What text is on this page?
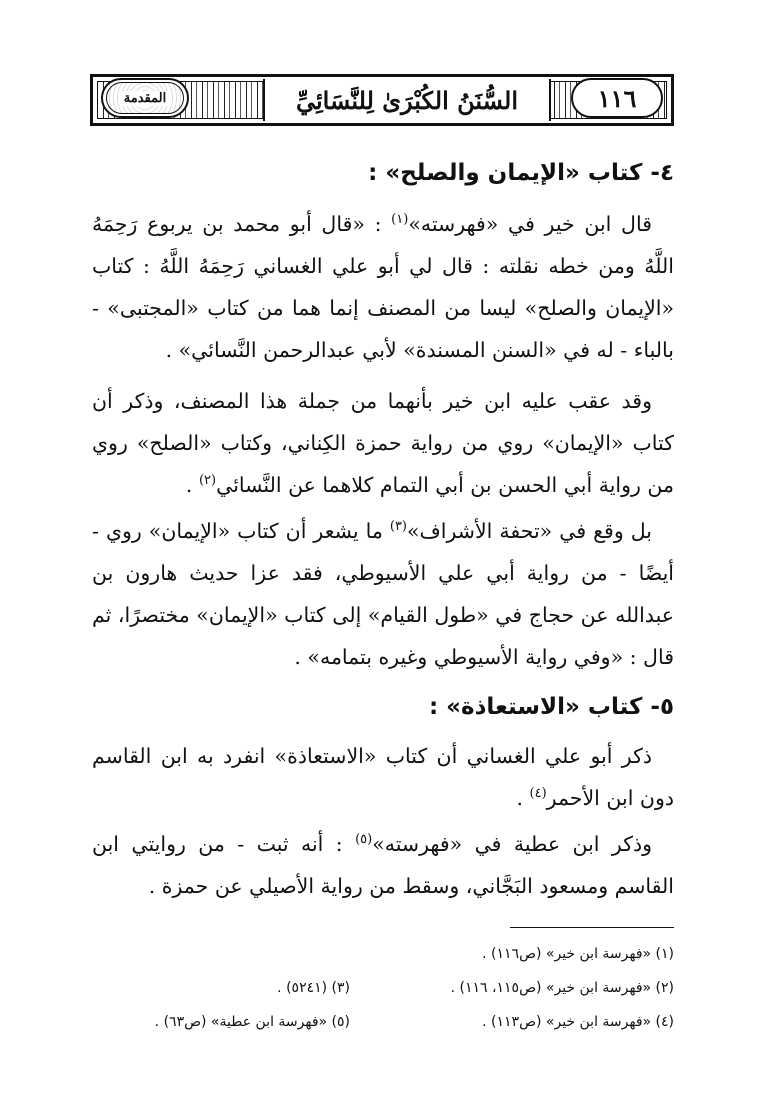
المقدمة	السُّنَنُ الكُبْرَىٰ لِلنَّسَائِيِّ	١١٦
٤- كتاب «الإيمان والصلح» :
قال ابن خير في «فهرسته»$^{(١)}$ : «قال أبو محمد بن يربوع رَحِمَهُ اللَّهُ ومن خطه نقلته : قال لي أبو علي الغساني رَحِمَهُ اللَّهُ : كتاب «الإيمان والصلح» ليسا من المصنف إنما هما من كتاب «المجتبى» - بالباء - له في «السنن المسندة» لأبي عبدالرحمن النَّسائي» .
وقد عقب عليه ابن خير بأنهما من جملة هذا المصنف، وذكر أن كتاب «الإيمان» روي من رواية حمزة الكِناني، وكتاب «الصلح» روي من رواية أبي الحسن بن أبي التمام كلاهما عن النَّسائي$^{(٢)}$ .
بل وقع في «تحفة الأشراف»$^{(٣)}$ ما يشعر أن كتاب «الإيمان» روي - أيضًا - من رواية أبي علي الأسيوطي، فقد عزا حديث هارون بن عبدالله عن حجاج في «طول القيام» إلى كتاب «الإيمان» مختصرًا، ثم قال : «وفي رواية الأسيوطي وغيره بتمامه» .
٥- كتاب «الاستعاذة» :
ذكر أبو علي الغساني أن كتاب «الاستعاذة» انفرد به ابن القاسم دون ابن الأحمر$^{(٤)}$ .
وذكر ابن عطية في «فهرسته»$^{(٥)}$ : أنه ثبت - من روايتي ابن القاسم ومسعود البَجَّاني، وسقط من رواية الأصيلي عن حمزة .
(١) «فهرسة ابن خير» (ص١١٦) .
(٢) «فهرسة ابن خير» (ص١١٥، ١١٦) .
(٣) (٥٢٤١) .
(٤) «فهرسة ابن خير» (ص١١٣) .
(٥) «فهرسة ابن عطية» (ص٦٣) .
